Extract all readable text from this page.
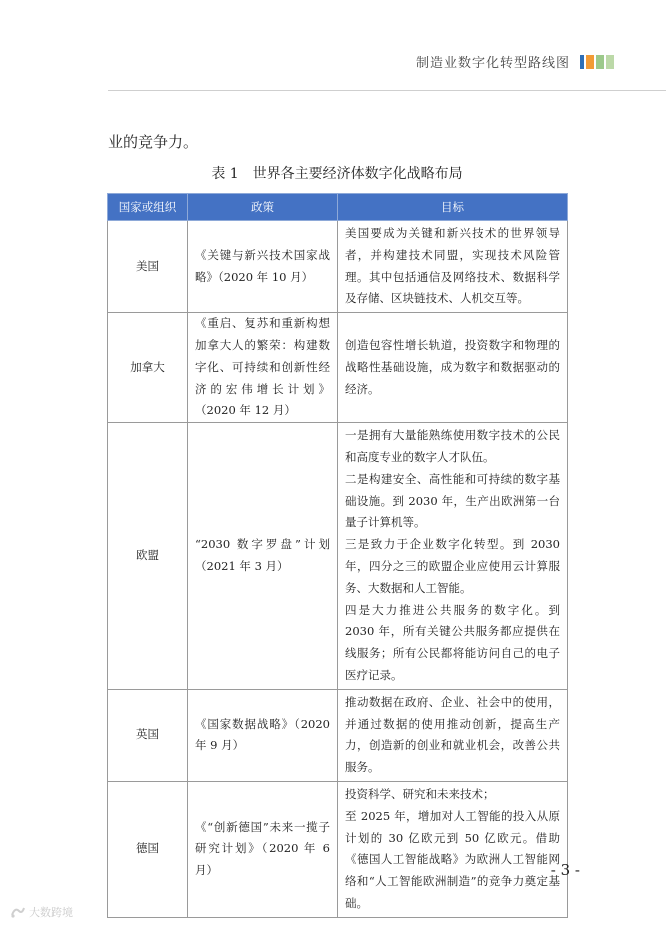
制造业数字化转型路线图
业的竞争力。
表 1 世界各主要经济体数字化战略布局
国家或组织	政策	目标
美国	《关键与新兴技术国家战略》（2020 年 10 月）	美国要成为关键和新兴技术的世界领导者，并构建技术同盟，实现技术风险管理。其中包括通信及网络技术、数据科学及存储、区块链技术、人机交互等。

加拿大	《重启、复苏和重新构想加拿大人的繁荣：构建数字化、可持续和创新性经济的宏伟增长计划》（2020 年 12 月）	创造包容性增长轨道，投资数字和物理的战略性基础设施，成为数字和数据驱动的经济。

欧盟	“2030 数字罗盘”计划（2021 年 3 月）	一是拥有大量能熟练使用数字技术的公民和高度专业的数字人才队伍。

二是构建安全、高性能和可持续的数字基础设施。到 2030 年，生产出欧洲第一台量子计算机等。

三是致力于企业数字化转型。到 2030 年，四分之三的欧盟企业应使用云计算服务、大数据和人工智能。

四是大力推进公共服务的数字化。到 2030 年，所有关键公共服务都应提供在线服务；所有公民都将能访问自己的电子医疗记录。

英国	《国家数据战略》（2020 年 9 月）	推动数据在政府、企业、社会中的使用，并通过数据的使用推动创新，提高生产力，创造新的创业和就业机会，改善公共服务。

德国	《“创新德国”未来一揽子研究计划》（2020 年 6 月）	投资科学、研究和未来技术；

至 2025 年，增加对人工智能的投入从原计划的 30 亿欧元到 50 亿欧元。借助《德国人工智能战略》为欧洲人工智能网络和“人工智能欧洲制造”的竞争力奠定基础。

- 3 -
大数跨境
